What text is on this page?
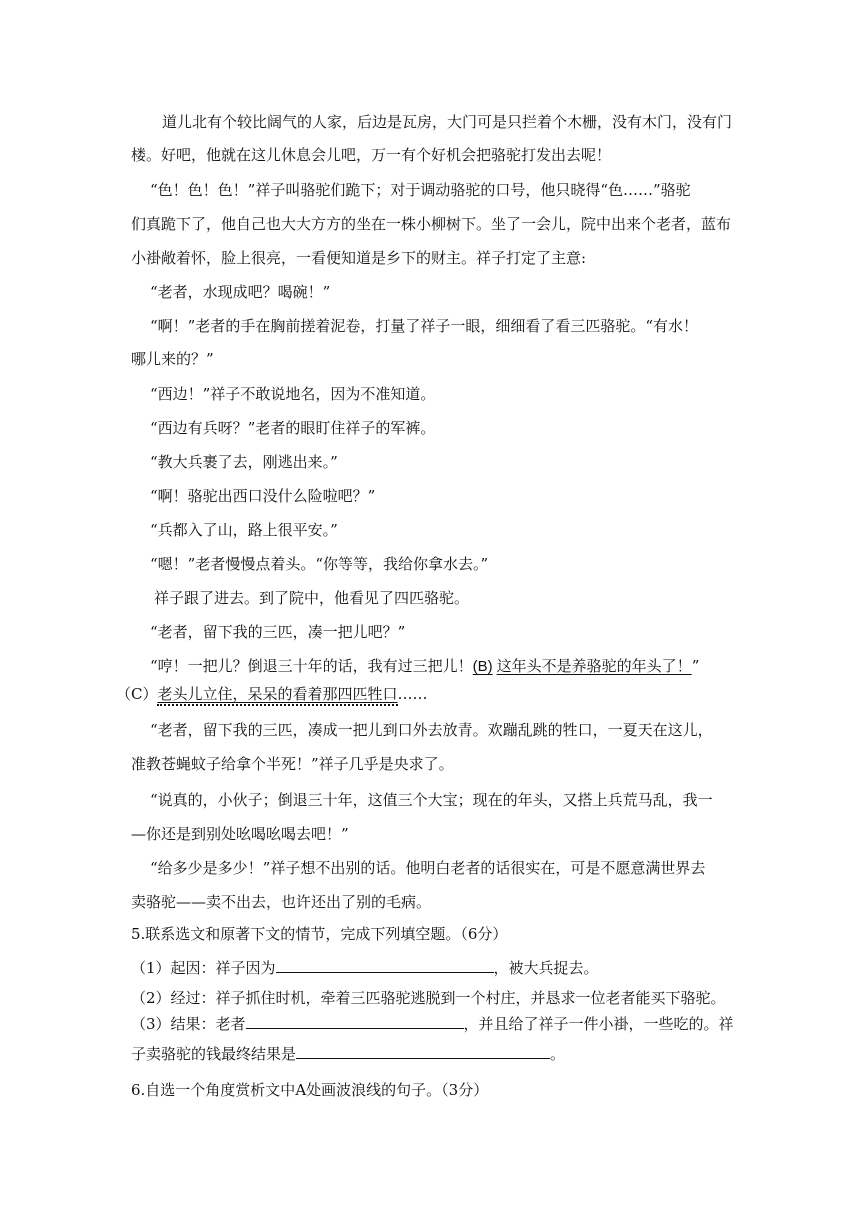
道儿北有个较比阔气的人家，后边是瓦房，大门可是只拦着个木栅，没有木门，没有门
楼。好吧，他就在这儿休息会儿吧，万一有个好机会把骆驼打发出去呢！
“色！色！色！”祥子叫骆驼们跪下；对于调动骆驼的口号，他只晓得“色……”骆驼
们真跪下了，他自己也大大方方的坐在一株小柳树下。坐了一会儿，院中出来个老者，蓝布
小褂敞着怀，脸上很亮，一看便知道是乡下的财主。祥子打定了主意:
“老者，水现成吧？喝碗！”
“啊！”老者的手在胸前搓着泥卷，打量了祥子一眼，细细看了看三匹骆驼。“有水！
哪儿来的？”
“西边！”祥子不敢说地名，因为不准知道。
“西边有兵呀？”老者的眼盯住祥子的军裤。
“教大兵裹了去，刚逃出来。”
“啊！骆驼出西口没什么险啦吧？”
“兵都入了山，路上很平安。”
“嗯！”老者慢慢点着头。“你等等，我给你拿水去。”
祥子跟了进去。到了院中，他看见了四匹骆驼。
“老者，留下我的三匹，凑一把儿吧？”
“哼！一把儿？倒退三十年的话，我有过三把儿！(B) 这年头不是养骆驼的年头了！”
（C）老头儿立住，呆呆的看着那四匹牲口……
“老者，留下我的三匹，凑成一把儿到口外去放青。欢蹦乱跳的牲口，一夏天在这儿，
准教苍蝇蚊子给拿个半死！”祥子几乎是央求了。
“说真的，小伙子；倒退三十年，这值三个大宝；现在的年头，又搭上兵荒马乱，我一
—你还是到别处吆喝吆喝去吧！”
“给多少是多少！”祥子想不出别的话。他明白老者的话很实在，可是不愿意满世界去
卖骆驼——卖不出去，也许还出了别的毛病。
5.联系选文和原著下文的情节，完成下列填空题。（6分）
（1）起因：祥子因为	，被大兵捉去。
（2）经过：祥子抓住时机，牵着三匹骆驼逃脱到一个村庄，并恳求一位老者能买下骆驼。
（3）结果：老者	，并且给了祥子一件小褂，一些吃的。祥
子卖骆驼的钱最终结果是	。
6.自选一个角度赏析文中A处画波浪线的句子。（3分）
